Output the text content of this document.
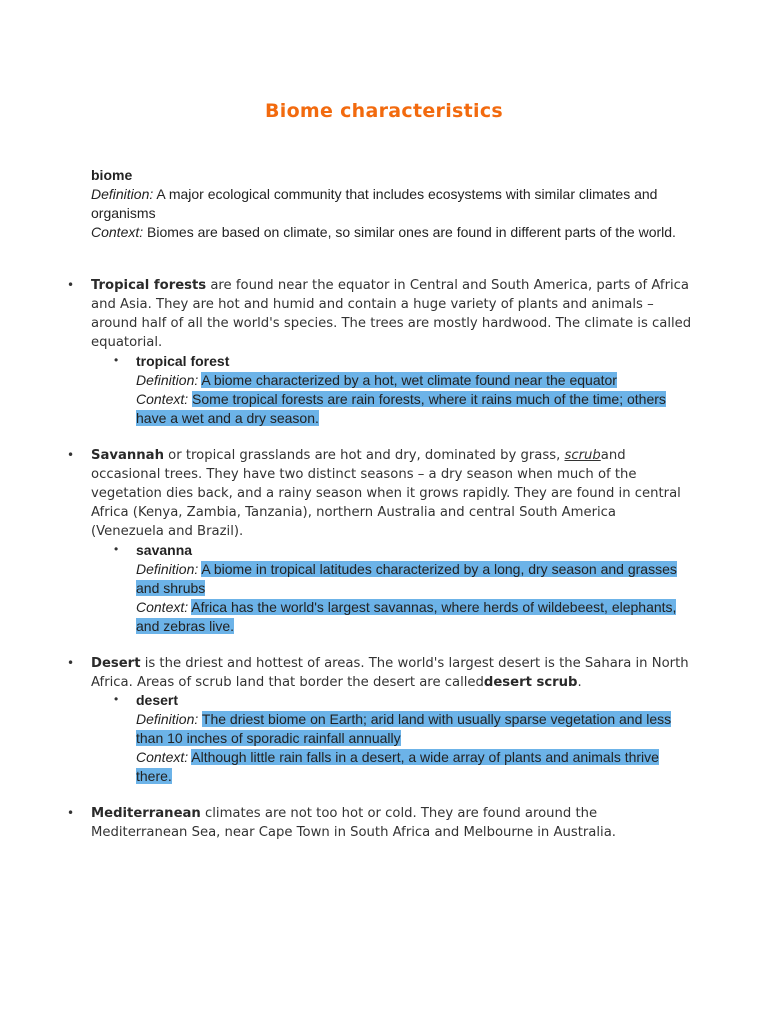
Biome characteristics
biome
Definition: A major ecological community that includes ecosystems with similar climates and organisms
Context: Biomes are based on climate, so similar ones are found in different parts of the world.
• Tropical forests are found near the equator in Central and South America, parts of Africa and Asia. They are hot and humid and contain a huge variety of plants and animals – around half of all the world's species. The trees are mostly hardwood. The climate is called equatorial.
• tropical forest
Definition: A biome characterized by a hot, wet climate found near the equator
Context: Some tropical forests are rain forests, where it rains much of the time; others have a wet and a dry season.
• Savannah or tropical grasslands are hot and dry, dominated by grass, scruband occasional trees. They have two distinct seasons – a dry season when much of the vegetation dies back, and a rainy season when it grows rapidly. They are found in central Africa (Kenya, Zambia, Tanzania), northern Australia and central South America (Venezuela and Brazil).
• savanna
Definition: A biome in tropical latitudes characterized by a long, dry season and grasses and shrubs
Context: Africa has the world's largest savannas, where herds of wildebeest, elephants, and zebras live.
• Desert is the driest and hottest of areas. The world's largest desert is the Sahara in North Africa. Areas of scrub land that border the desert are calleddesert scrub.
• desert
Definition: The driest biome on Earth; arid land with usually sparse vegetation and less than 10 inches of sporadic rainfall annually
Context: Although little rain falls in a desert, a wide array of plants and animals thrive there.
• Mediterranean climates are not too hot or cold. They are found around the Mediterranean Sea, near Cape Town in South Africa and Melbourne in Australia.
